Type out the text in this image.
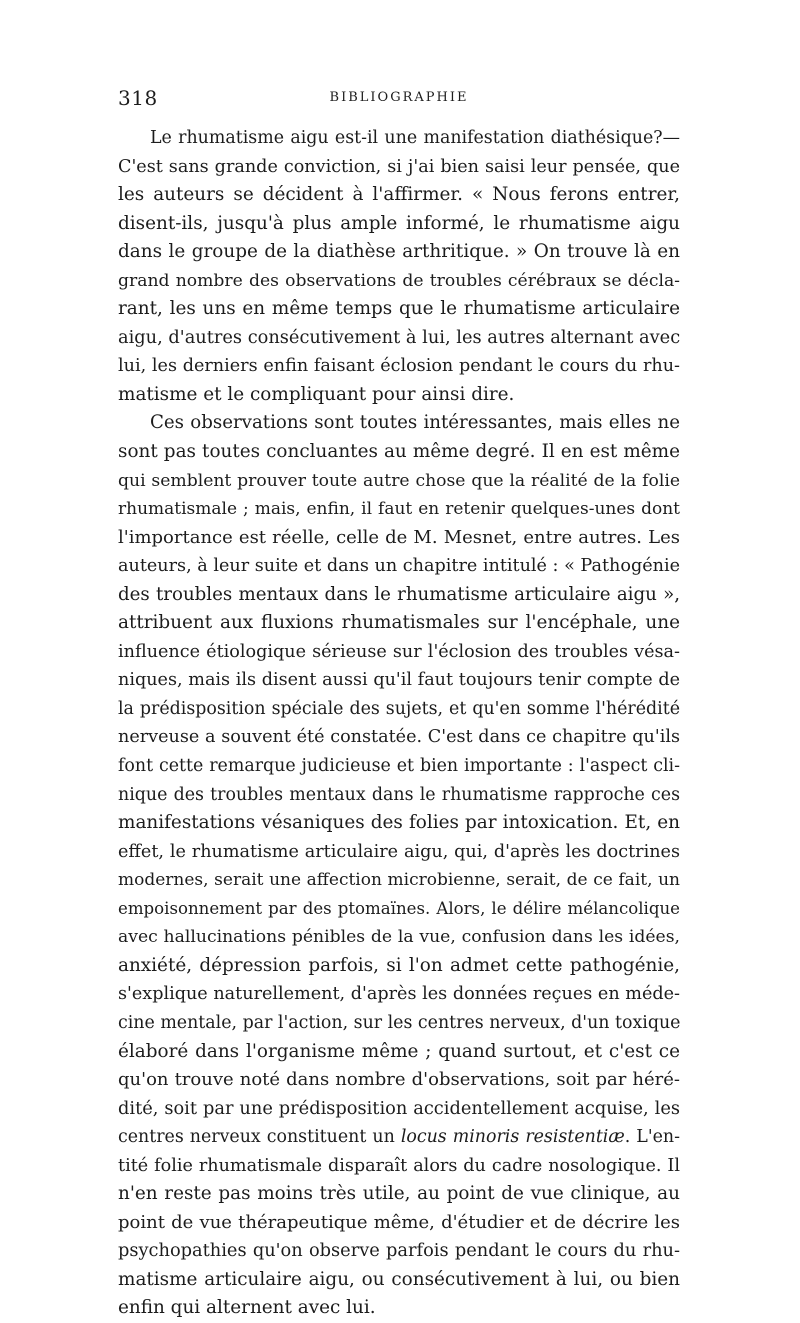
318	BIBLIOGRAPHIE
Le rhumatisme aigu est-il une manifestation diathésique?—
C'est sans grande conviction, si j'ai bien saisi leur pensée, que
les auteurs se décident à l'affirmer. « Nous ferons entrer,
disent-ils, jusqu'à plus ample informé, le rhumatisme aigu
dans le groupe de la diathèse arthritique. » On trouve là en
grand nombre des observations de troubles cérébraux se décla-
rant, les uns en même temps que le rhumatisme articulaire
aigu, d'autres consécutivement à lui, les autres alternant avec
lui, les derniers enfin faisant éclosion pendant le cours du rhu-
matisme et le compliquant pour ainsi dire.
Ces observations sont toutes intéressantes, mais elles ne
sont pas toutes concluantes au même degré. Il en est même
qui semblent prouver toute autre chose que la réalité de la folie
rhumatismale ; mais, enfin, il faut en retenir quelques-unes dont
l'importance est réelle, celle de M. Mesnet, entre autres. Les
auteurs, à leur suite et dans un chapitre intitulé : « Pathogénie
des troubles mentaux dans le rhumatisme articulaire aigu »,
attribuent aux fluxions rhumatismales sur l'encéphale, une
influence étiologique sérieuse sur l'éclosion des troubles vésa-
niques, mais ils disent aussi qu'il faut toujours tenir compte de
la prédisposition spéciale des sujets, et qu'en somme l'hérédité
nerveuse a souvent été constatée. C'est dans ce chapitre qu'ils
font cette remarque judicieuse et bien importante : l'aspect cli-
nique des troubles mentaux dans le rhumatisme rapproche ces
manifestations vésaniques des folies par intoxication. Et, en
effet, le rhumatisme articulaire aigu, qui, d'après les doctrines
modernes, serait une affection microbienne, serait, de ce fait, un
empoisonnement par des ptomaïnes. Alors, le délire mélancolique
avec hallucinations pénibles de la vue, confusion dans les idées,
anxiété, dépression parfois, si l'on admet cette pathogénie,
s'explique naturellement, d'après les données reçues en méde-
cine mentale, par l'action, sur les centres nerveux, d'un toxique
élaboré dans l'organisme même ; quand surtout, et c'est ce
qu'on trouve noté dans nombre d'observations, soit par héré-
dité, soit par une prédisposition accidentellement acquise, les
centres nerveux constituent un locus minoris resistentiæ. L'en-
tité folie rhumatismale disparaît alors du cadre nosologique. Il
n'en reste pas moins très utile, au point de vue clinique, au
point de vue thérapeutique même, d'étudier et de décrire les
psychopathies qu'on observe parfois pendant le cours du rhu-
matisme articulaire aigu, ou consécutivement à lui, ou bien
enfin qui alternent avec lui.
